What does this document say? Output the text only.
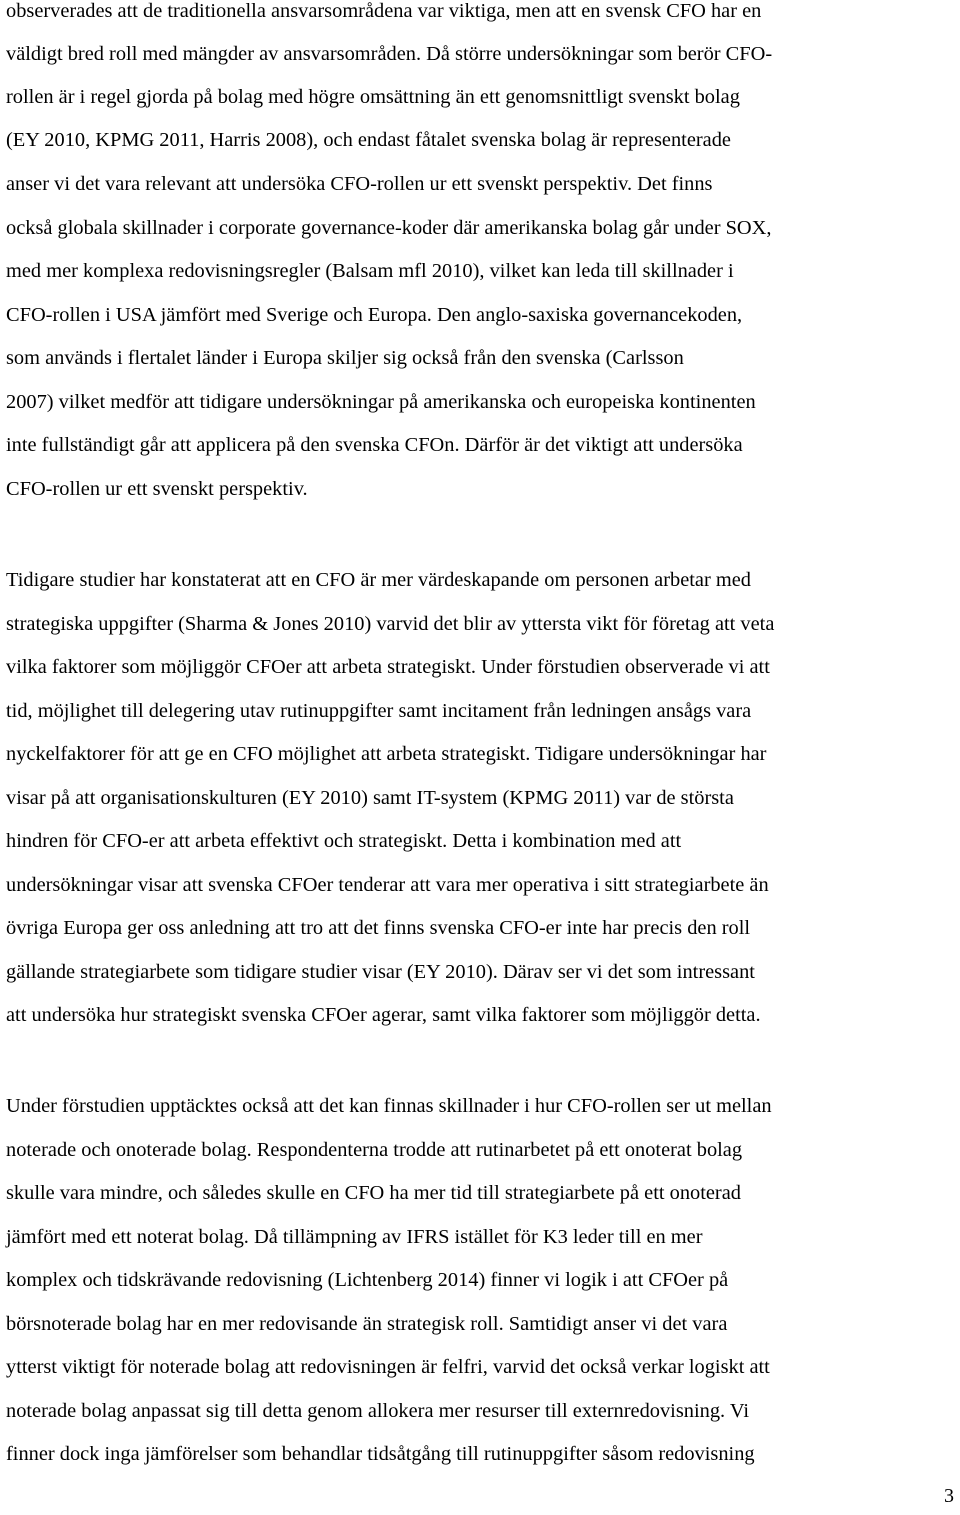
observerades att de traditionella ansvarsområdena var viktiga, men att en svensk CFO har en
väldigt bred roll med mängder av ansvarsområden. Då större undersökningar som berör CFO-
rollen är i regel gjorda på bolag med högre omsättning än ett genomsnittligt svenskt bolag
(EY 2010, KPMG 2011, Harris 2008), och endast fåtalet svenska bolag är representerade
anser vi det vara relevant att undersöka CFO-rollen ur ett svenskt perspektiv. Det finns
också globala skillnader i corporate governance-koder där amerikanska bolag går under SOX,
med mer komplexa redovisningsregler (Balsam mfl 2010), vilket kan leda till skillnader i
CFO-rollen i USA jämfört med Sverige och Europa. Den anglo-saxiska governancekoden,
som används i flertalet länder i Europa skiljer sig också från den svenska (Carlsson
2007) vilket medför att tidigare undersökningar på amerikanska och europeiska kontinenten
inte fullständigt går att applicera på den svenska CFOn. Därför är det viktigt att undersöka
CFO-rollen ur ett svenskt perspektiv.
Tidigare studier har konstaterat att en CFO är mer värdeskapande om personen arbetar med
strategiska uppgifter (Sharma & Jones 2010) varvid det blir av yttersta vikt för företag att veta
vilka faktorer som möjliggör CFOer att arbeta strategiskt. Under förstudien observerade vi att
tid, möjlighet till delegering utav rutinuppgifter samt incitament från ledningen ansågs vara
nyckelfaktorer för att ge en CFO möjlighet att arbeta strategiskt. Tidigare undersökningar har
visar på att organisationskulturen (EY 2010) samt IT-system (KPMG 2011) var de största
hindren för CFO-er att arbeta effektivt och strategiskt. Detta i kombination med att
undersökningar visar att svenska CFOer tenderar att vara mer operativa i sitt strategiarbete än
övriga Europa ger oss anledning att tro att det finns svenska CFO-er inte har precis den roll
gällande strategiarbete som tidigare studier visar (EY 2010). Därav ser vi det som intressant
att undersöka hur strategiskt svenska CFOer agerar, samt vilka faktorer som möjliggör detta.
Under förstudien upptäcktes också att det kan finnas skillnader i hur CFO-rollen ser ut mellan
noterade och onoterade bolag. Respondenterna trodde att rutinarbetet på ett onoterat bolag
skulle vara mindre, och således skulle en CFO ha mer tid till strategiarbete på ett onoterad
jämfört med ett noterat bolag. Då tillämpning av IFRS istället för K3 leder till en mer
komplex och tidskrävande redovisning (Lichtenberg 2014) finner vi logik i att CFOer på
börsnoterade bolag har en mer redovisande än strategisk roll. Samtidigt anser vi det vara
ytterst viktigt för noterade bolag att redovisningen är felfri, varvid det också verkar logiskt att
noterade bolag anpassat sig till detta genom allokera mer resurser till externredovisning. Vi
finner dock inga jämförelser som behandlar tidsåtgång till rutinuppgifter såsom redovisning
3
